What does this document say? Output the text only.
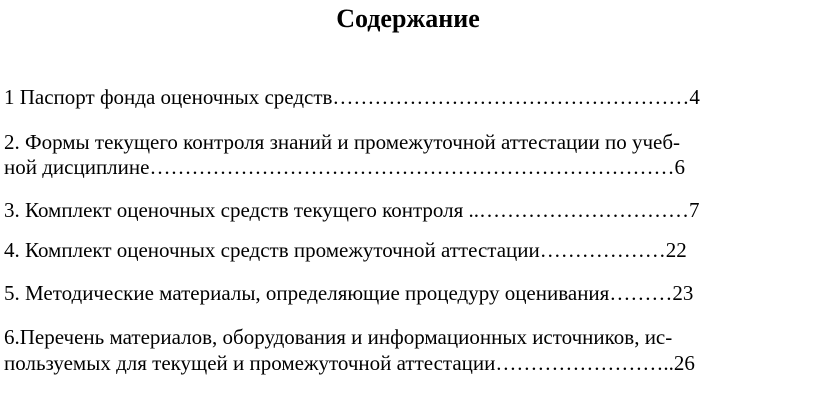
Содержание
1 Паспорт фонда оценочных средств……………………………………………4
2. Формы текущего контроля знаний и промежуточной аттестации по учеб-
ной дисциплине…………………………………………………………………6
3. Комплект оценочных средств текущего контроля ..…………………………7
4. Комплект оценочных средств промежуточной аттестации………………22
5. Методические материалы, определяющие процедуру оценивания………23
6.Перечень материалов, оборудования и информационных источников, ис-
пользуемых для текущей и промежуточной аттестации……………………..26
